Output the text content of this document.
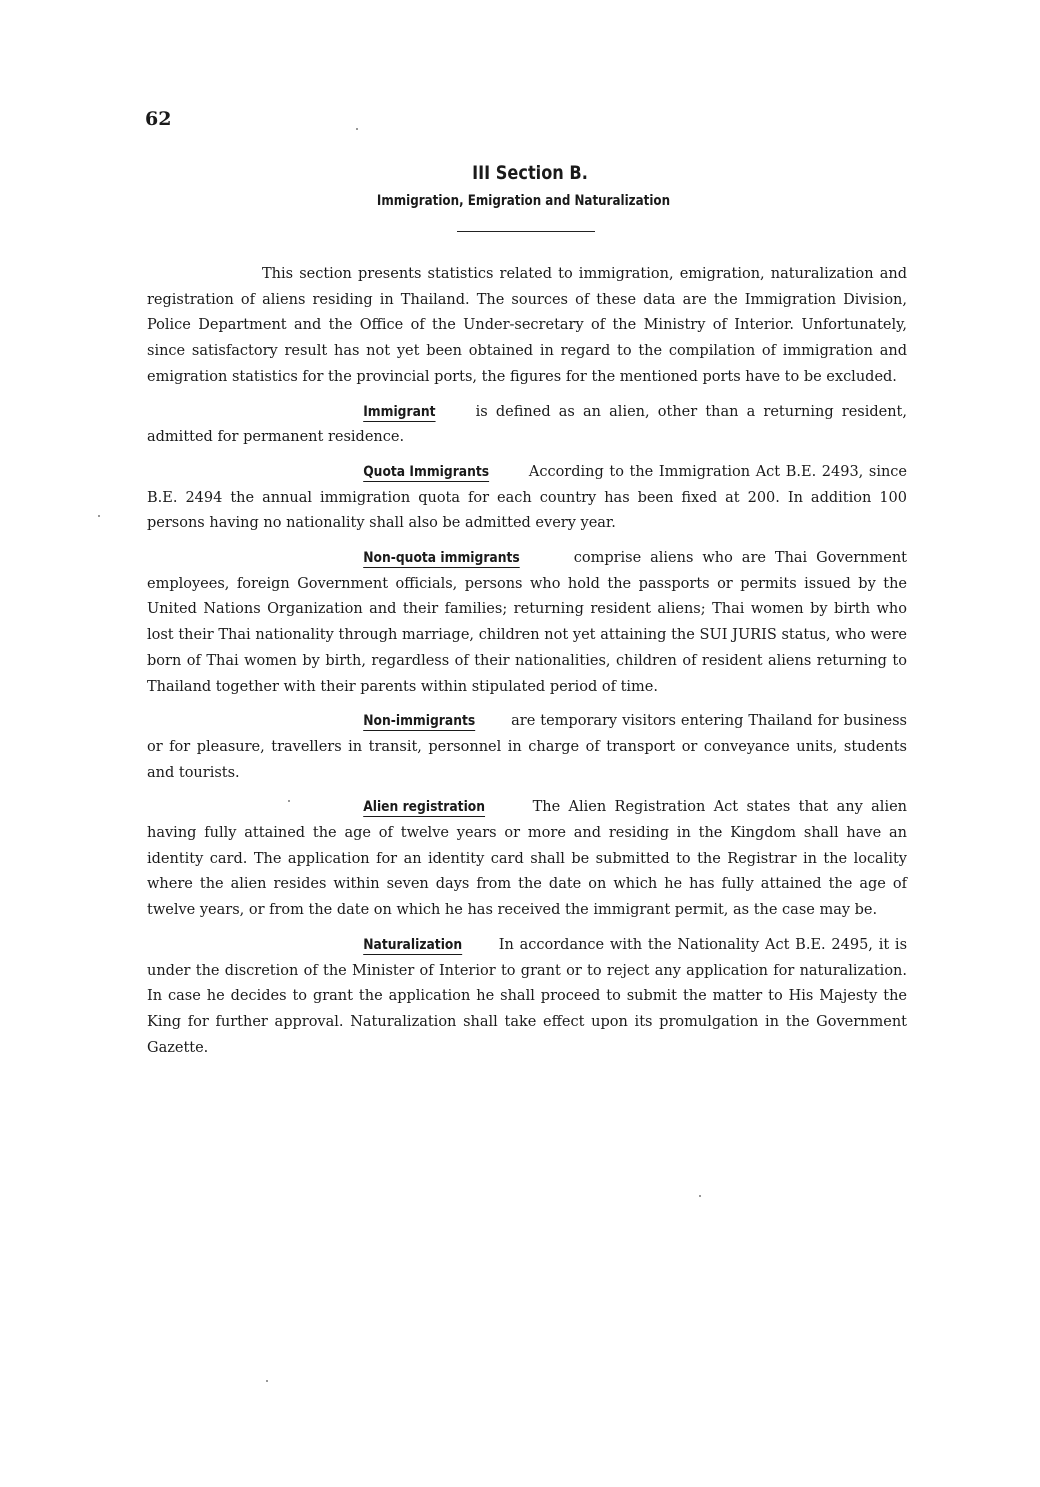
62
III Section B.
Immigration, Emigration and Naturalization

This section presents statistics related to immigration, emigration, naturalization and registration of aliens residing in Thailand. The sources of these data are the Immigration Division, Police Department and the Office of the Under-secretary of the Ministry of Interior. Unfortunately, since satisfactory result has not yet been obtained in regard to the compilation of immigration and emigration statistics for the provincial ports, the figures for the mentioned ports have to be excluded.

Immigrant	is defined as an alien, other than a returning resident, admitted for permanent residence.

Quota Immigrants	According to the Immigration Act B.E. 2493, since B.E. 2494 the annual immigration quota for each country has been fixed at 200. In addition 100 persons having no nationality shall also be admitted every year.

Non-quota immigrants	comprise aliens who are Thai Government employees, foreign Government officials, persons who hold the passports or permits issued by the United Nations Organization and their families; returning resident aliens; Thai women by birth who lost their Thai nationality through marriage, children not yet attaining the SUI JURIS status, who were born of Thai women by birth, regardless of their nationalities, children of resident aliens returning to Thailand together with their parents within stipulated period of time.

Non-immigrants are temporary visitors entering Thailand for business or for pleasure, travellers in transit, personnel in charge of transport or conveyance units, students and tourists.

Alien registration	The Alien Registration Act states that any alien having fully attained the age of twelve years or more and residing in the Kingdom shall have an identity card. The application for an identity card shall be submitted to the Registrar in the locality where the alien resides within seven days from the date on which he has fully attained the age of twelve years, or from the date on which he has received the immigrant permit, as the case may be.

Naturalization	In accordance with the Nationality Act B.E. 2495, it is under the discretion of the Minister of Interior to grant or to reject any application for naturalization. In case he decides to grant the application he shall proceed to submit the matter to His Majesty the King for further approval. Naturalization shall take effect upon its promulgation in the Government Gazette.
